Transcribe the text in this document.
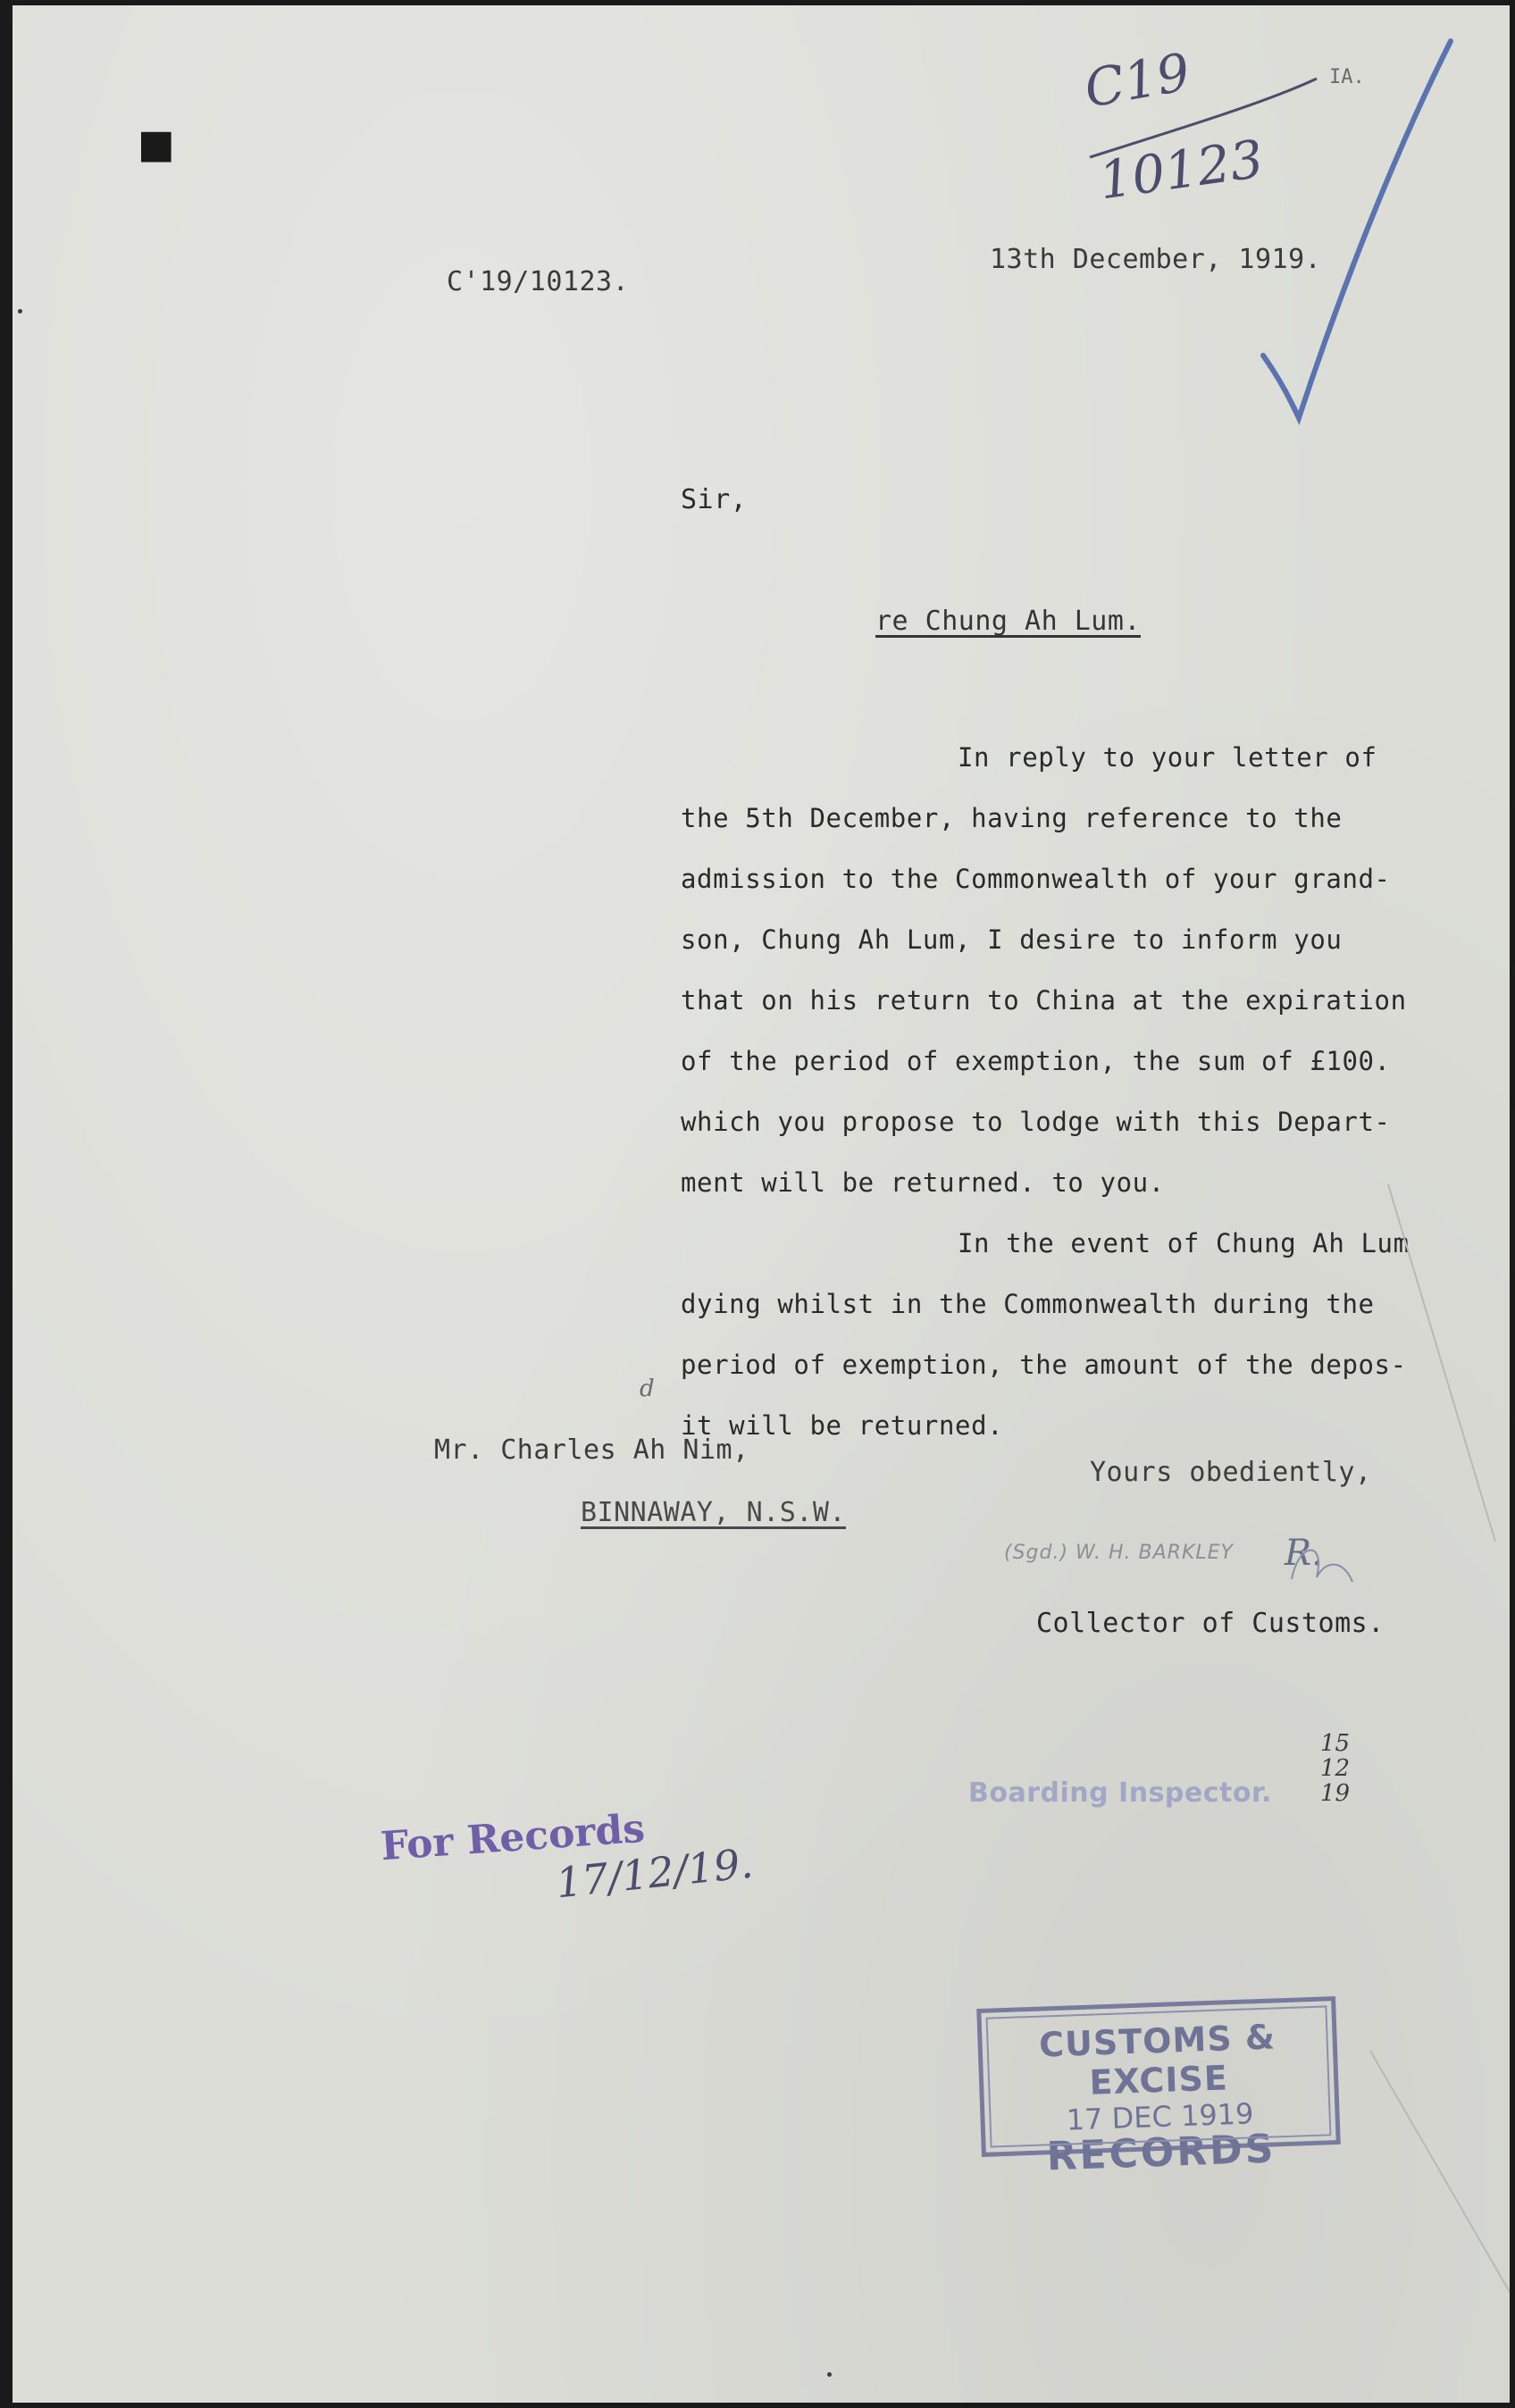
■
C19
10123
IA.
C'19/10123.
13th December, 1919.
Sir,
re Chung Ah Lum.
In reply to your letter of
the 5th December, having reference to the
admission to the Commonwealth of your grand-
son, Chung Ah Lum, I desire to inform you
that on his return to China at the expiration
of the period of exemption, the sum of £100.
which you propose to lodge with this Depart-
ment will be returned. to you.
In the event of Chung Ah Lum
dying whilst in the Commonwealth during the
period of exemption, the amount of the depos-
it will be returned.
d
Mr. Charles Ah Nim,
BINNAWAY, N.S.W.
Yours obediently,
(Sgd.) W. H. BARKLEY R.
Collector of Customs.
Boarding Inspector.
15
12
19
For Records
17/12/19.
CUSTOMS & EXCISE
17 DEC 1919
RECORDS
